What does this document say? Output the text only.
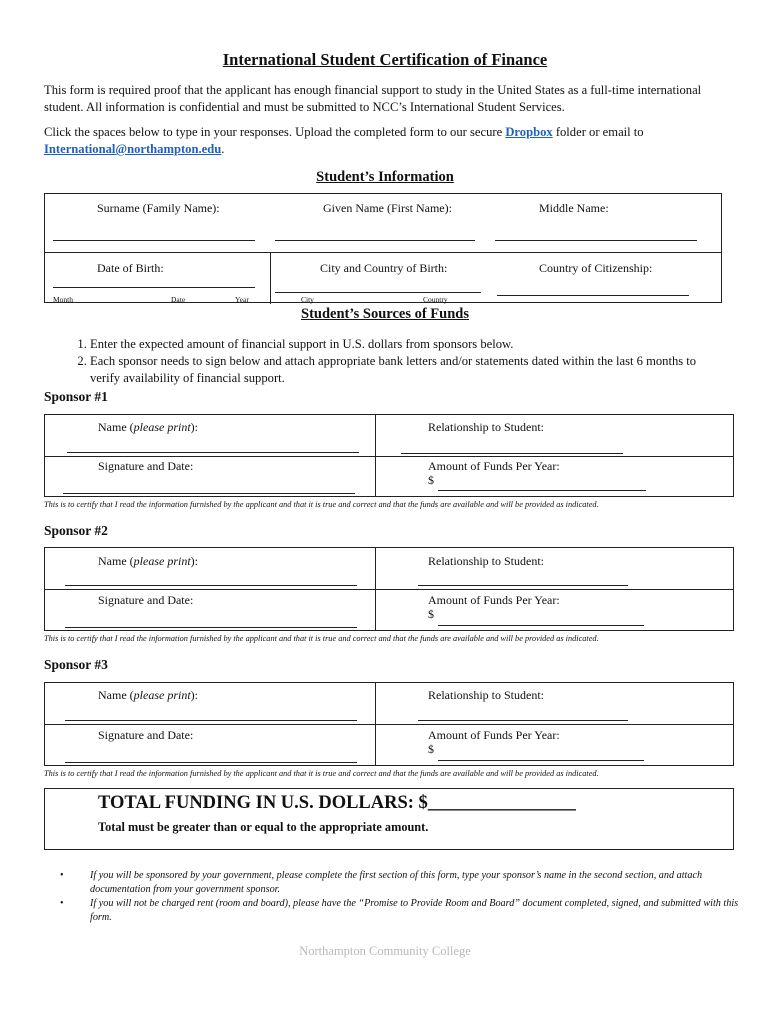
International Student Certification of Finance
This form is required proof that the applicant has enough financial support to study in the United States as a full-time international student. All information is confidential and must be submitted to NCC’s International Student Services.
Click the spaces below to type in your responses. Upload the completed form to our secure Dropbox folder or email to
International@northampton.edu.
Student’s Information
Surname (Family Name):	Given Name (First Name):	Middle Name:
Date of Birth:	City and Country of Birth:	Country of Citizenship:
Month	Date	Year	City	Country
Student’s Sources of Funds
1. Enter the expected amount of financial support in U.S. dollars from sponsors below.
2. Each sponsor needs to sign below and attach appropriate bank letters and/or statements dated within the last 6 months to verify availability of financial support.
Sponsor #1
Name (please print):	Relationship to Student:
Signature and Date:	Amount of Funds Per Year:
$
This is to certify that I read the information furnished by the applicant and that it is true and correct and that the funds are available and will be provided as indicated.
Sponsor #2
Name (please print):	Relationship to Student:
Signature and Date:	Amount of Funds Per Year:
$
This is to certify that I read the information furnished by the applicant and that it is true and correct and that the funds are available and will be provided as indicated.
Sponsor #3
Name (please print):	Relationship to Student:
Signature and Date:	Amount of Funds Per Year:
$
This is to certify that I read the information furnished by the applicant and that it is true and correct and that the funds are available and will be provided as indicated.
TOTAL FUNDING IN U.S. DOLLARS: $________________
Total must be greater than or equal to the appropriate amount.
•	If you will be sponsored by your government, please complete the first section of this form, type your sponsor’s name in the second section, and attach documentation from your government sponsor.
•	If you will not be charged rent (room and board), please have the “Promise to Provide Room and Board” document completed, signed, and submitted with this form.
Northampton Community College
